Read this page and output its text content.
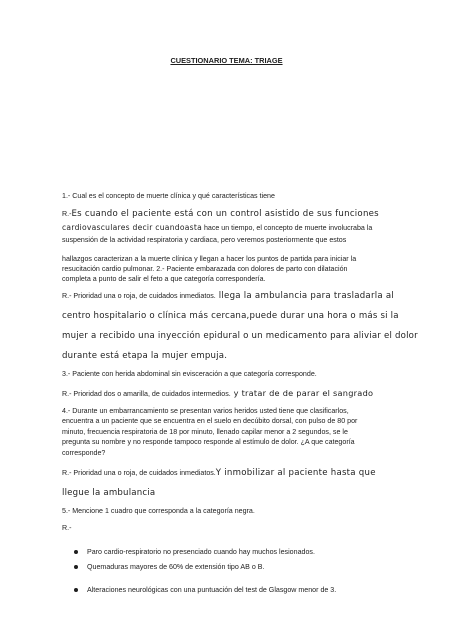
CUESTIONARIO TEMA: TRIAGE

1.- Cual es el concepto de muerte clínica y qué características tiene

R.-Es cuando el paciente está con un control asistido de sus funciones

cardiovasculares decir cuandoasta hace un tiempo, el concepto de muerte involucraba la

suspensión de la actividad respiratoria y cardiaca, pero veremos posteriormente que estos

hallazgos caracterizan a la muerte clínica y llegan a hacer los puntos de partida para iniciar la

resucitación cardio pulmonar. 2.- Paciente embarazada con dolores de parto con dilatación

completa a punto de salir el feto a que categoría correspondería.

R.- Prioridad una o roja, de cuidados inmediatos. llega la ambulancia para trasladarla al

centro hospitalario o clínica más cercana,puede durar una hora o más si la

mujer a recibido una inyección epidural o un medicamento para aliviar el dolor

durante está etapa la mujer empuja.

3.- Paciente con herida abdominal sin evisceración a que categoría corresponde.

R.- Prioridad dos o amarilla, de cuidados intermedios. y tratar de de parar el sangrado

4.- Durante un embarrancamiento se presentan varios heridos usted tiene que clasificarlos,

encuentra a un paciente que se encuentra en el suelo en decúbito dorsal, con pulso de 80 por

minuto, frecuencia respiratoria de 18 por minuto, llenado capilar menor a 2 segundos, se le

pregunta su nombre y no responde tampoco responde al estímulo de dolor. ¿A que categoría

corresponde?

R.- Prioridad una o roja, de cuidados inmediatos.Y inmobilizar al paciente hasta que

llegue la ambulancia

5.- Mencione 1 cuadro que corresponda a la categoría negra.

R.-

Paro cardio-respiratorio no presenciado cuando hay muchos lesionados.
Quemaduras mayores de 60% de extensión tipo AB o B.
Alteraciones neurológicas con una puntuación del test de Glasgow menor de 3.
